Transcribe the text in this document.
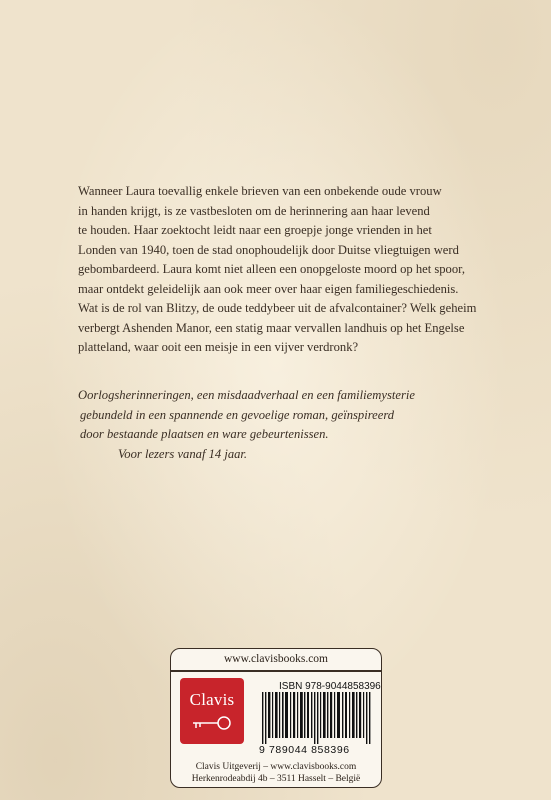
Wanneer Laura toevallig enkele brieven van een onbekende oude vrouw
in handen krijgt, is ze vastbesloten om de herinnering aan haar levend
te houden. Haar zoektocht leidt naar een groepje jonge vrienden in het
Londen van 1940, toen de stad onophoudelijk door Duitse vliegtuigen werd
gebombardeerd. Laura komt niet alleen een onopgeloste moord op het spoor,
maar ontdekt geleidelijk aan ook meer over haar eigen familiegeschiedenis.
Wat is de rol van Blitzy, de oude teddybeer uit de afvalcontainer? Welk geheim
verbergt Ashenden Manor, een statig maar vervallen landhuis op het Engelse
platteland, waar ooit een meisje in een vijver verdronk?
Oorlogsherinneringen, een misdaadverhaal en een familiemysterie
gebundeld in een spannende en gevoelige roman, geïnspireerd
door bestaande plaatsen en ware gebeurtenissen.
Voor lezers vanaf 14 jaar.
www.clavisbooks.com
Clavis
ISBN 978-9044858396
9 789044 858396
Clavis Uitgeverij – www.clavisbooks.com
Herkenrodeabdij 4b – 3511 Hasselt – België
